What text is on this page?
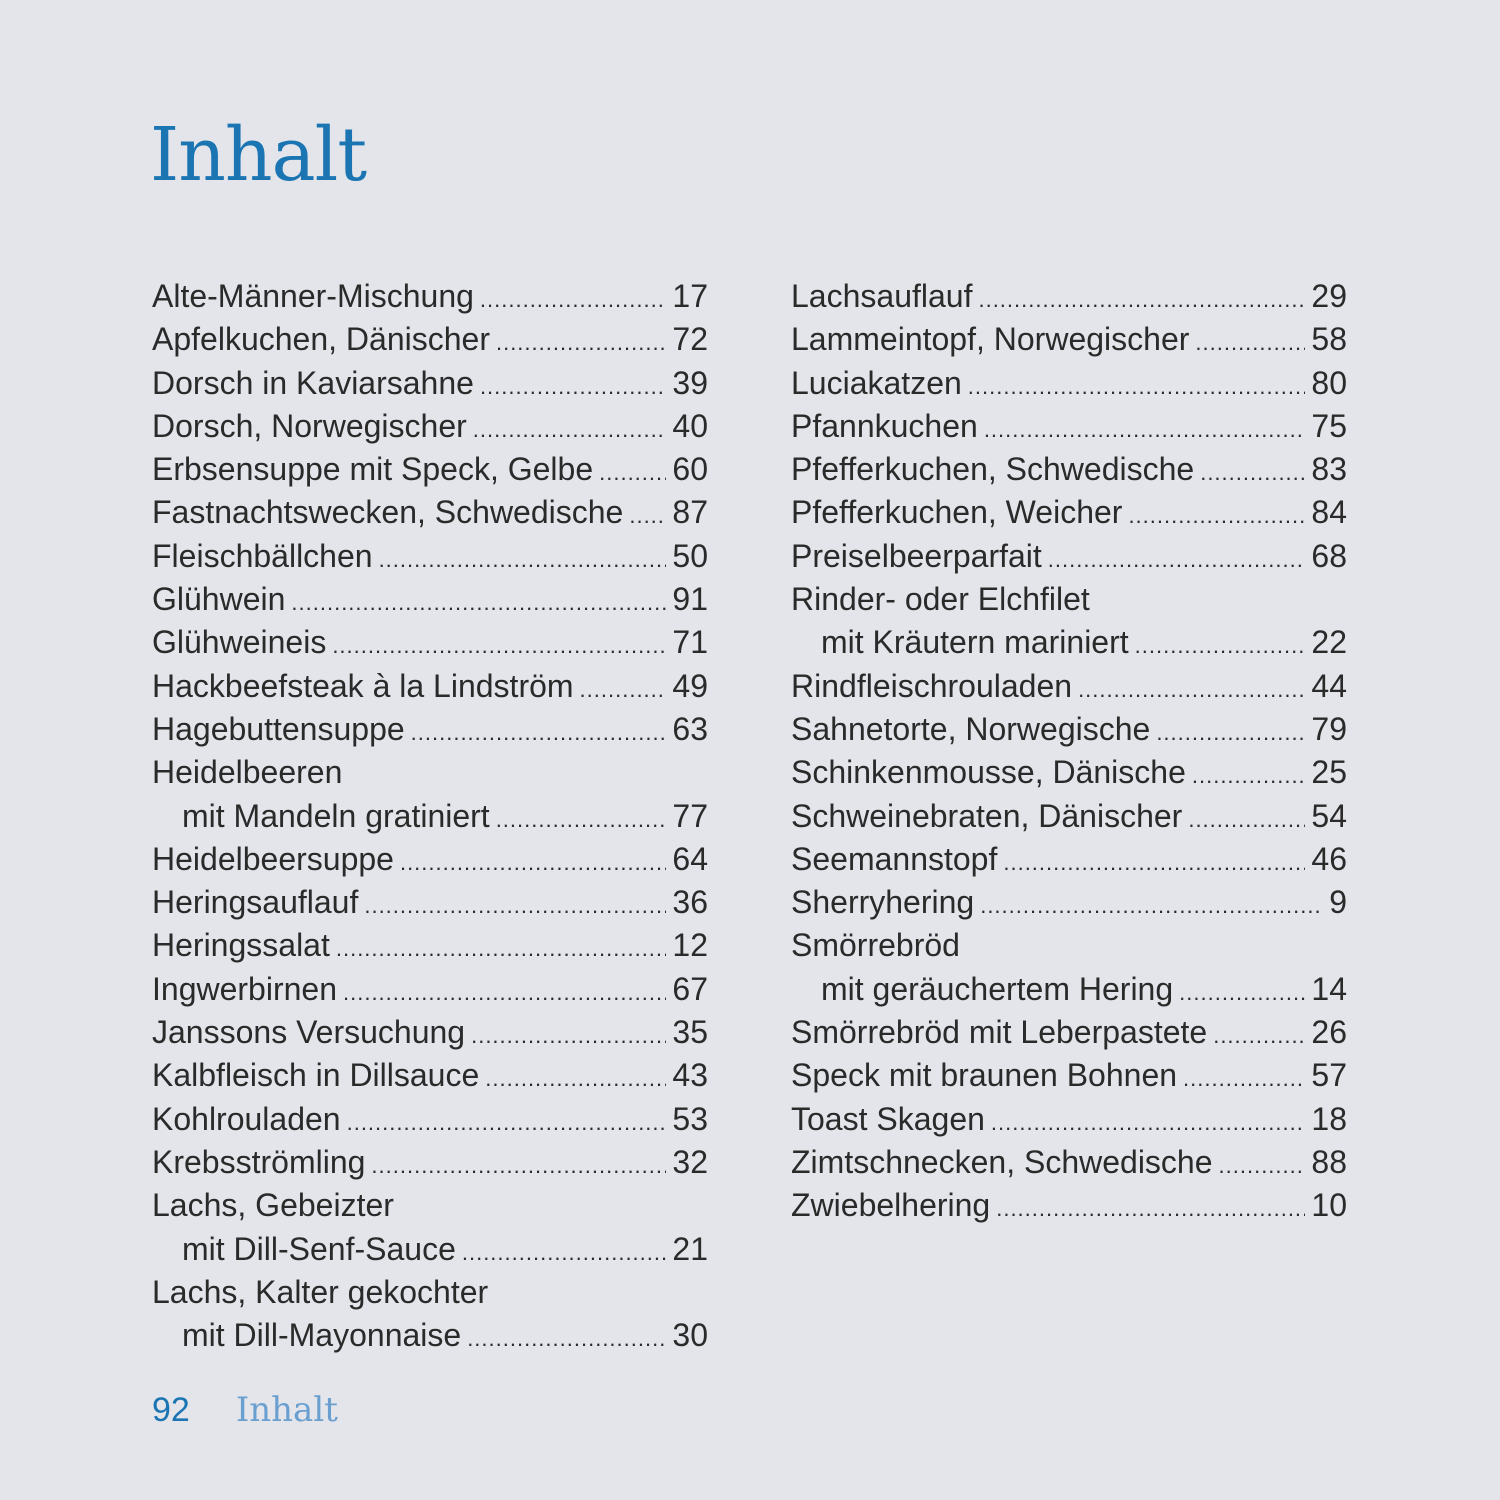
Inhalt
Alte-Männer-Mischung .....	17
Apfelkuchen, Dänischer .....	72
Dorsch in Kaviarsahne .....	39
Dorsch, Norwegischer .....	40
Erbsensuppe mit Speck, Gelbe ..... 60
Fastnachtswecken, Schwedische ..... 87
Fleischbällchen .....	50
Glühwein .....	91
Glühweineis .....	71
Hackbeefsteak à la Lindström .....	49
Hagebuttensuppe .....	63
Heidelbeeren
mit Mandeln gratiniert .....	77
Heidelbeersuppe .....	64
Heringsauflauf .....	36
Heringssalat .....	12
Ingwerbirnen .....	67
Janssons Versuchung .....	35
Kalbfleisch in Dillsauce .....	43
Kohlrouladen .....	53
Krebsströmling .....	32
Lachs, Gebeizter
mit Dill-Senf-Sauce .....	21
Lachs, Kalter gekochter
mit Dill-Mayonnaise .....	30
Lachsauflauf .....	29
Lammeintopf, Norwegischer .....	58
Luciakatzen .....	80
Pfannkuchen .....	75
Pfefferkuchen, Schwedische .....	83
Pfefferkuchen, Weicher .....	84
Preiselbeerparfait .....	68
Rinder- oder Elchfilet
mit Kräutern mariniert .....	22
Rindfleischrouladen .....	44
Sahnetorte, Norwegische .....	79
Schinkenmousse, Dänische .....	25
Schweinebraten, Dänischer .....	54
Seemannstopf .....	46
Sherryhering .....	9
Smörrebröd
mit geräuchertem Hering .....	14
Smörrebröd mit Leberpastete .....	26
Speck mit braunen Bohnen .....	57
Toast Skagen .....	18
Zimtschnecken, Schwedische .....	88
Zwiebelhering .....	10
92 Inhalt
